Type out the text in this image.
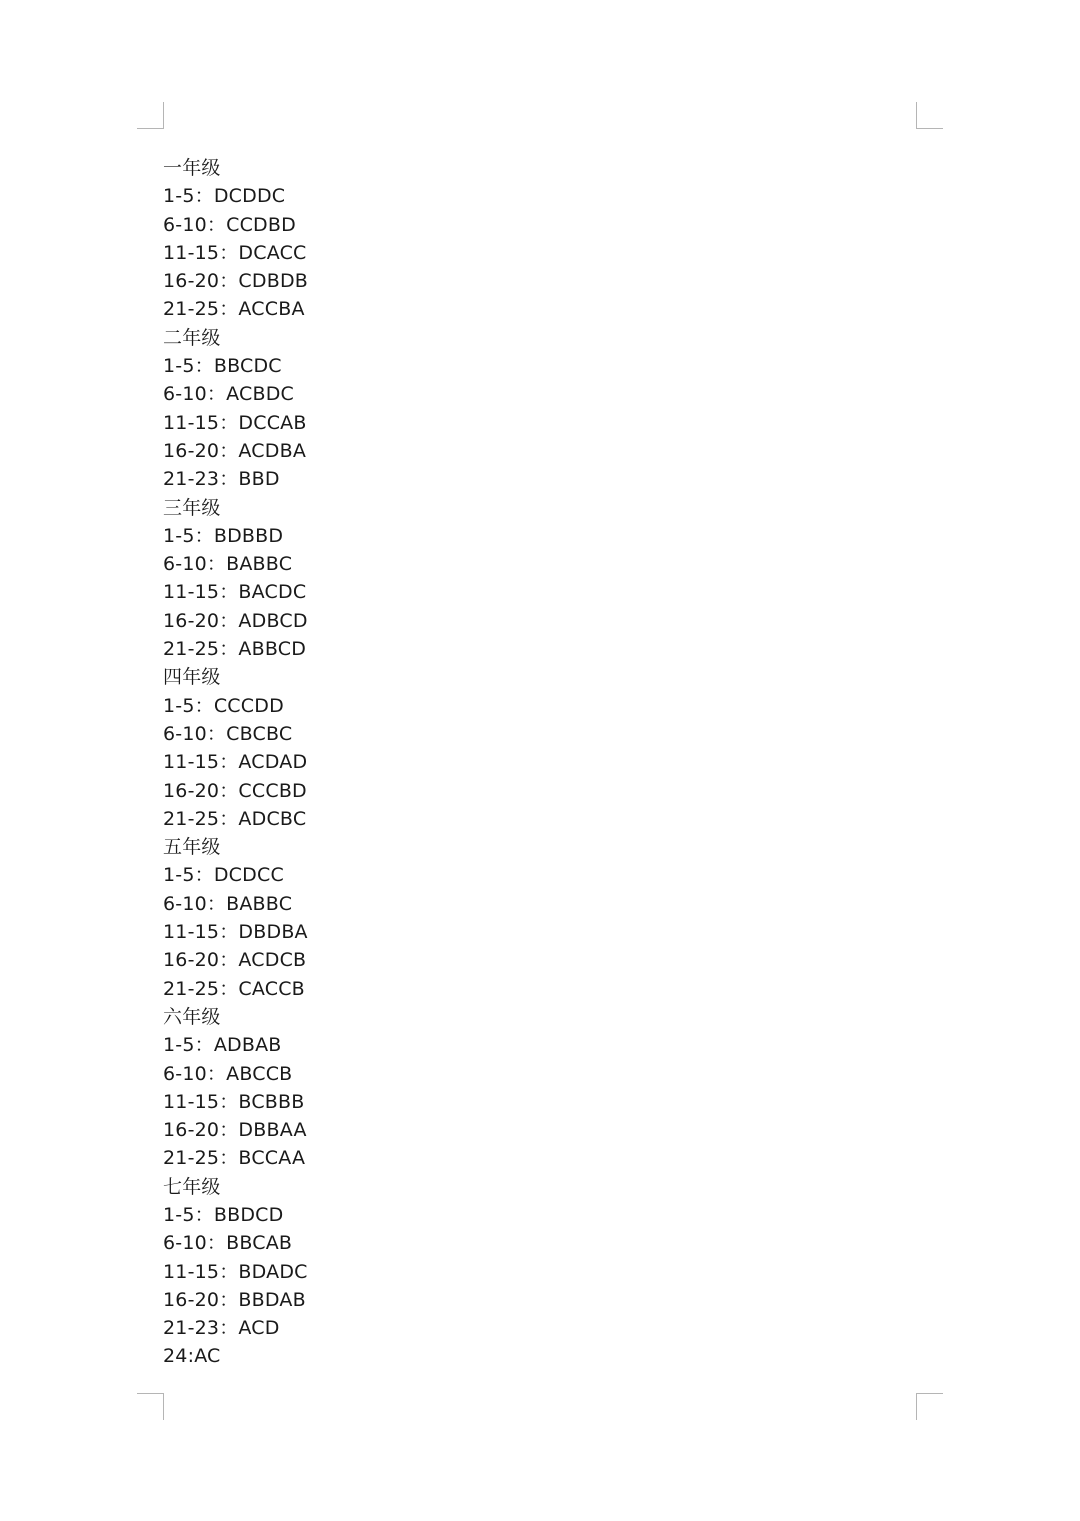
一年级
1-5：DCDDC
6-10：CCDBD
11-15：DCACC
16-20：CDBDB
21-25：ACCBA
二年级
1-5：BBCDC
6-10：ACBDC
11-15：DCCAB
16-20：ACDBA
21-23：BBD
三年级
1-5：BDBBD
6-10：BABBC
11-15：BACDC
16-20：ADBCD
21-25：ABBCD
四年级
1-5：CCCDD
6-10：CBCBC
11-15：ACDAD
16-20：CCCBD
21-25：ADCBC
五年级
1-5：DCDCC
6-10：BABBC
11-15：DBDBA
16-20：ACDCB
21-25：CACCB
六年级
1-5：ADBAB
6-10：ABCCB
11-15：BCBBB
16-20：DBBAA
21-25：BCCAA
七年级
1-5：BBDCD
6-10：BBCAB
11-15：BDADC
16-20：BBDAB
21-23：ACD
24:AC
